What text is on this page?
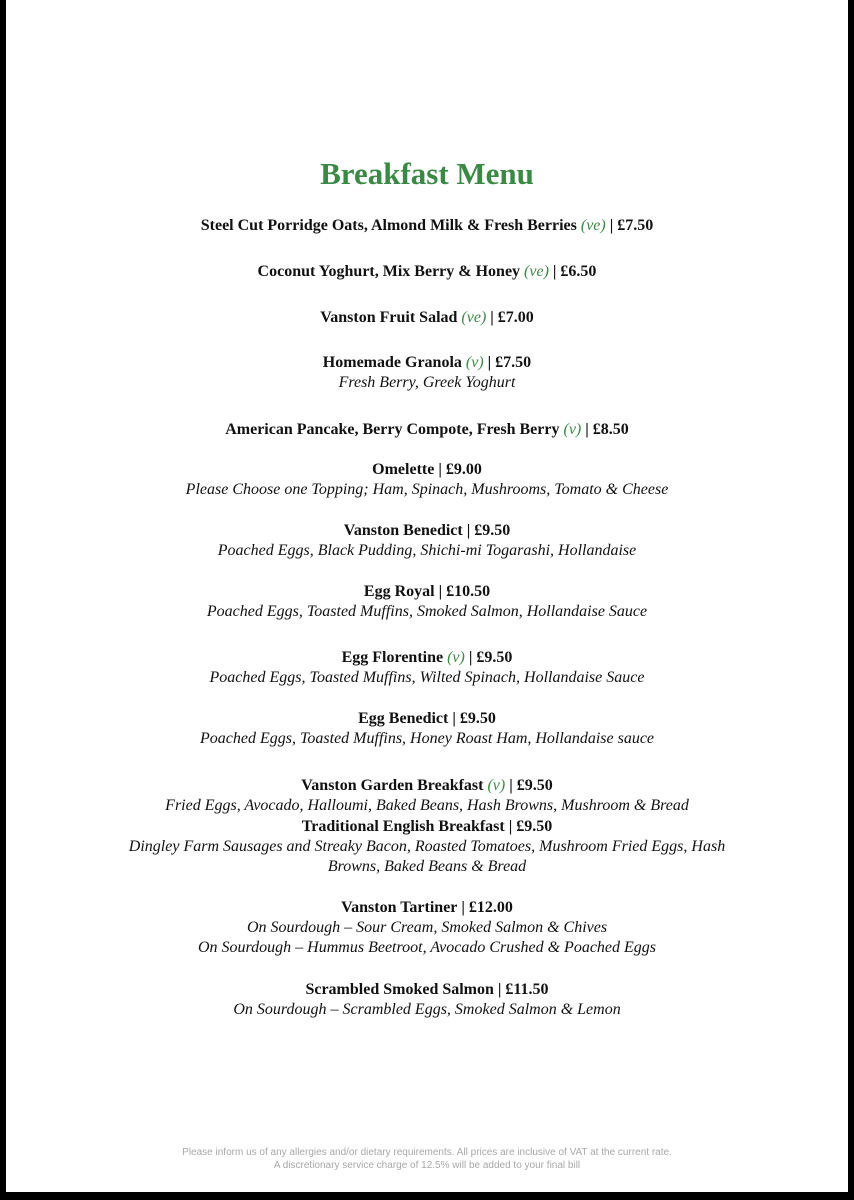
Breakfast Menu
Steel Cut Porridge Oats, Almond Milk & Fresh Berries (ve) | £7.50
Coconut Yoghurt, Mix Berry & Honey (ve) | £6.50
Vanston Fruit Salad (ve) | £7.00
Homemade Granola (v) | £7.50
Fresh Berry, Greek Yoghurt
American Pancake, Berry Compote, Fresh Berry (v) | £8.50
Omelette | £9.00
Please Choose one Topping; Ham, Spinach, Mushrooms, Tomato & Cheese
Vanston Benedict | £9.50
Poached Eggs, Black Pudding, Shichi-mi Togarashi, Hollandaise
Egg Royal | £10.50
Poached Eggs, Toasted Muffins, Smoked Salmon, Hollandaise Sauce
Egg Florentine (v) | £9.50
Poached Eggs, Toasted Muffins, Wilted Spinach, Hollandaise Sauce
Egg Benedict | £9.50
Poached Eggs, Toasted Muffins, Honey Roast Ham, Hollandaise sauce
Vanston Garden Breakfast (v) | £9.50
Fried Eggs, Avocado, Halloumi, Baked Beans, Hash Browns, Mushroom & Bread
Traditional English Breakfast | £9.50
Dingley Farm Sausages and Streaky Bacon, Roasted Tomatoes, Mushroom Fried Eggs, Hash
Browns, Baked Beans & Bread
Vanston Tartiner | £12.00
On Sourdough – Sour Cream, Smoked Salmon & Chives
On Sourdough – Hummus Beetroot, Avocado Crushed & Poached Eggs
Scrambled Smoked Salmon | £11.50
On Sourdough – Scrambled Eggs, Smoked Salmon & Lemon
Please inform us of any allergies and/or dietary requirements. All prices are inclusive of VAT at the current rate.
A discretionary service charge of 12.5% will be added to your final bill
